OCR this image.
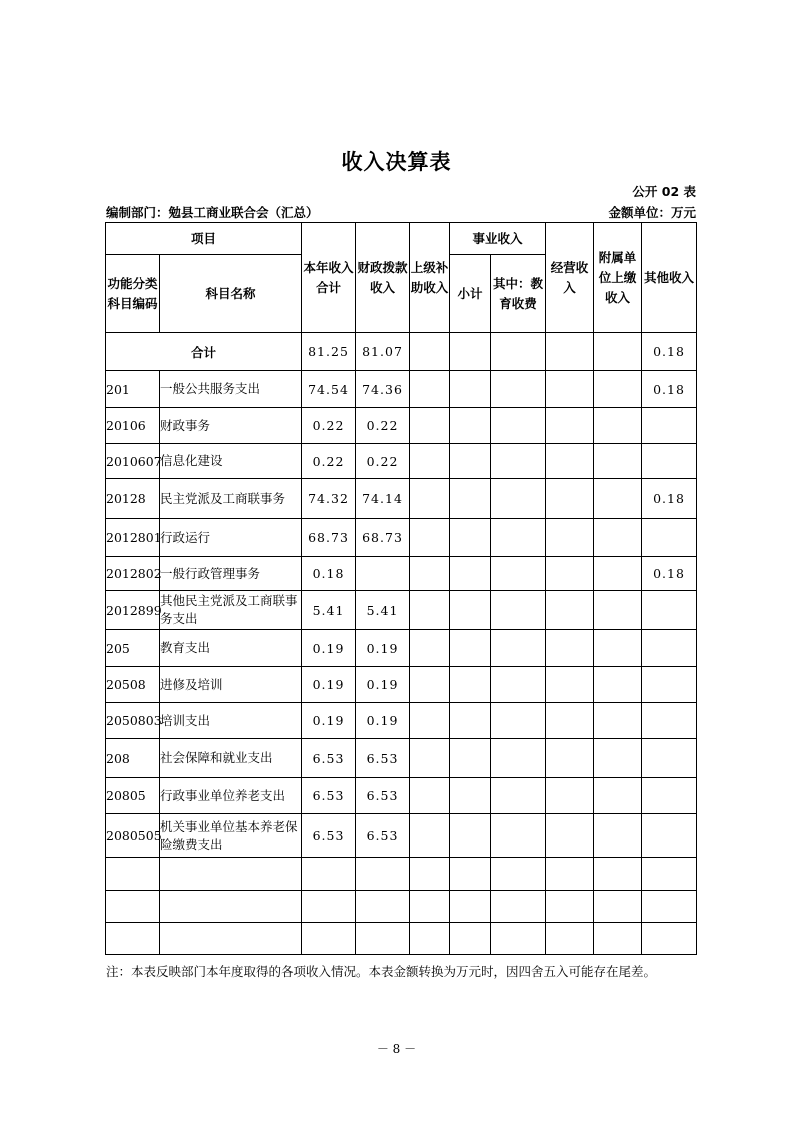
收入决算表
公开 02 表
编制部门：勉县工商业联合会（汇总）	金额单位：万元
项目		本年收入合计	财政拨款收入	上级补助收入	事业收入		经营收入	附属单位上缴收入	其他收入
功能分类科目编码	科目名称				小计	其中：教育收费			
合计		81.25	81.07						0.18
201	一般公共服务支出	74.54	74.36						0.18
20106	财政事务	0.22	0.22						
2010607	信息化建设	0.22	0.22						
20128	民主党派及工商联事务	74.32	74.14						0.18
2012801	行政运行	68.73	68.73						
2012802	一般行政管理事务	0.18							0.18
2012899	其他民主党派及工商联事务支出	5.41	5.41						
205	教育支出	0.19	0.19						
20508	进修及培训	0.19	0.19						
2050803	培训支出	0.19	0.19						
208	社会保障和就业支出	6.53	6.53						
20805	行政事业单位养老支出	6.53	6.53						
2080505	机关事业单位基本养老保险缴费支出	6.53	6.53						

注：本表反映部门本年度取得的各项收入情况。本表金额转换为万元时，因四舍五入可能存在尾差。
－ 8 －
